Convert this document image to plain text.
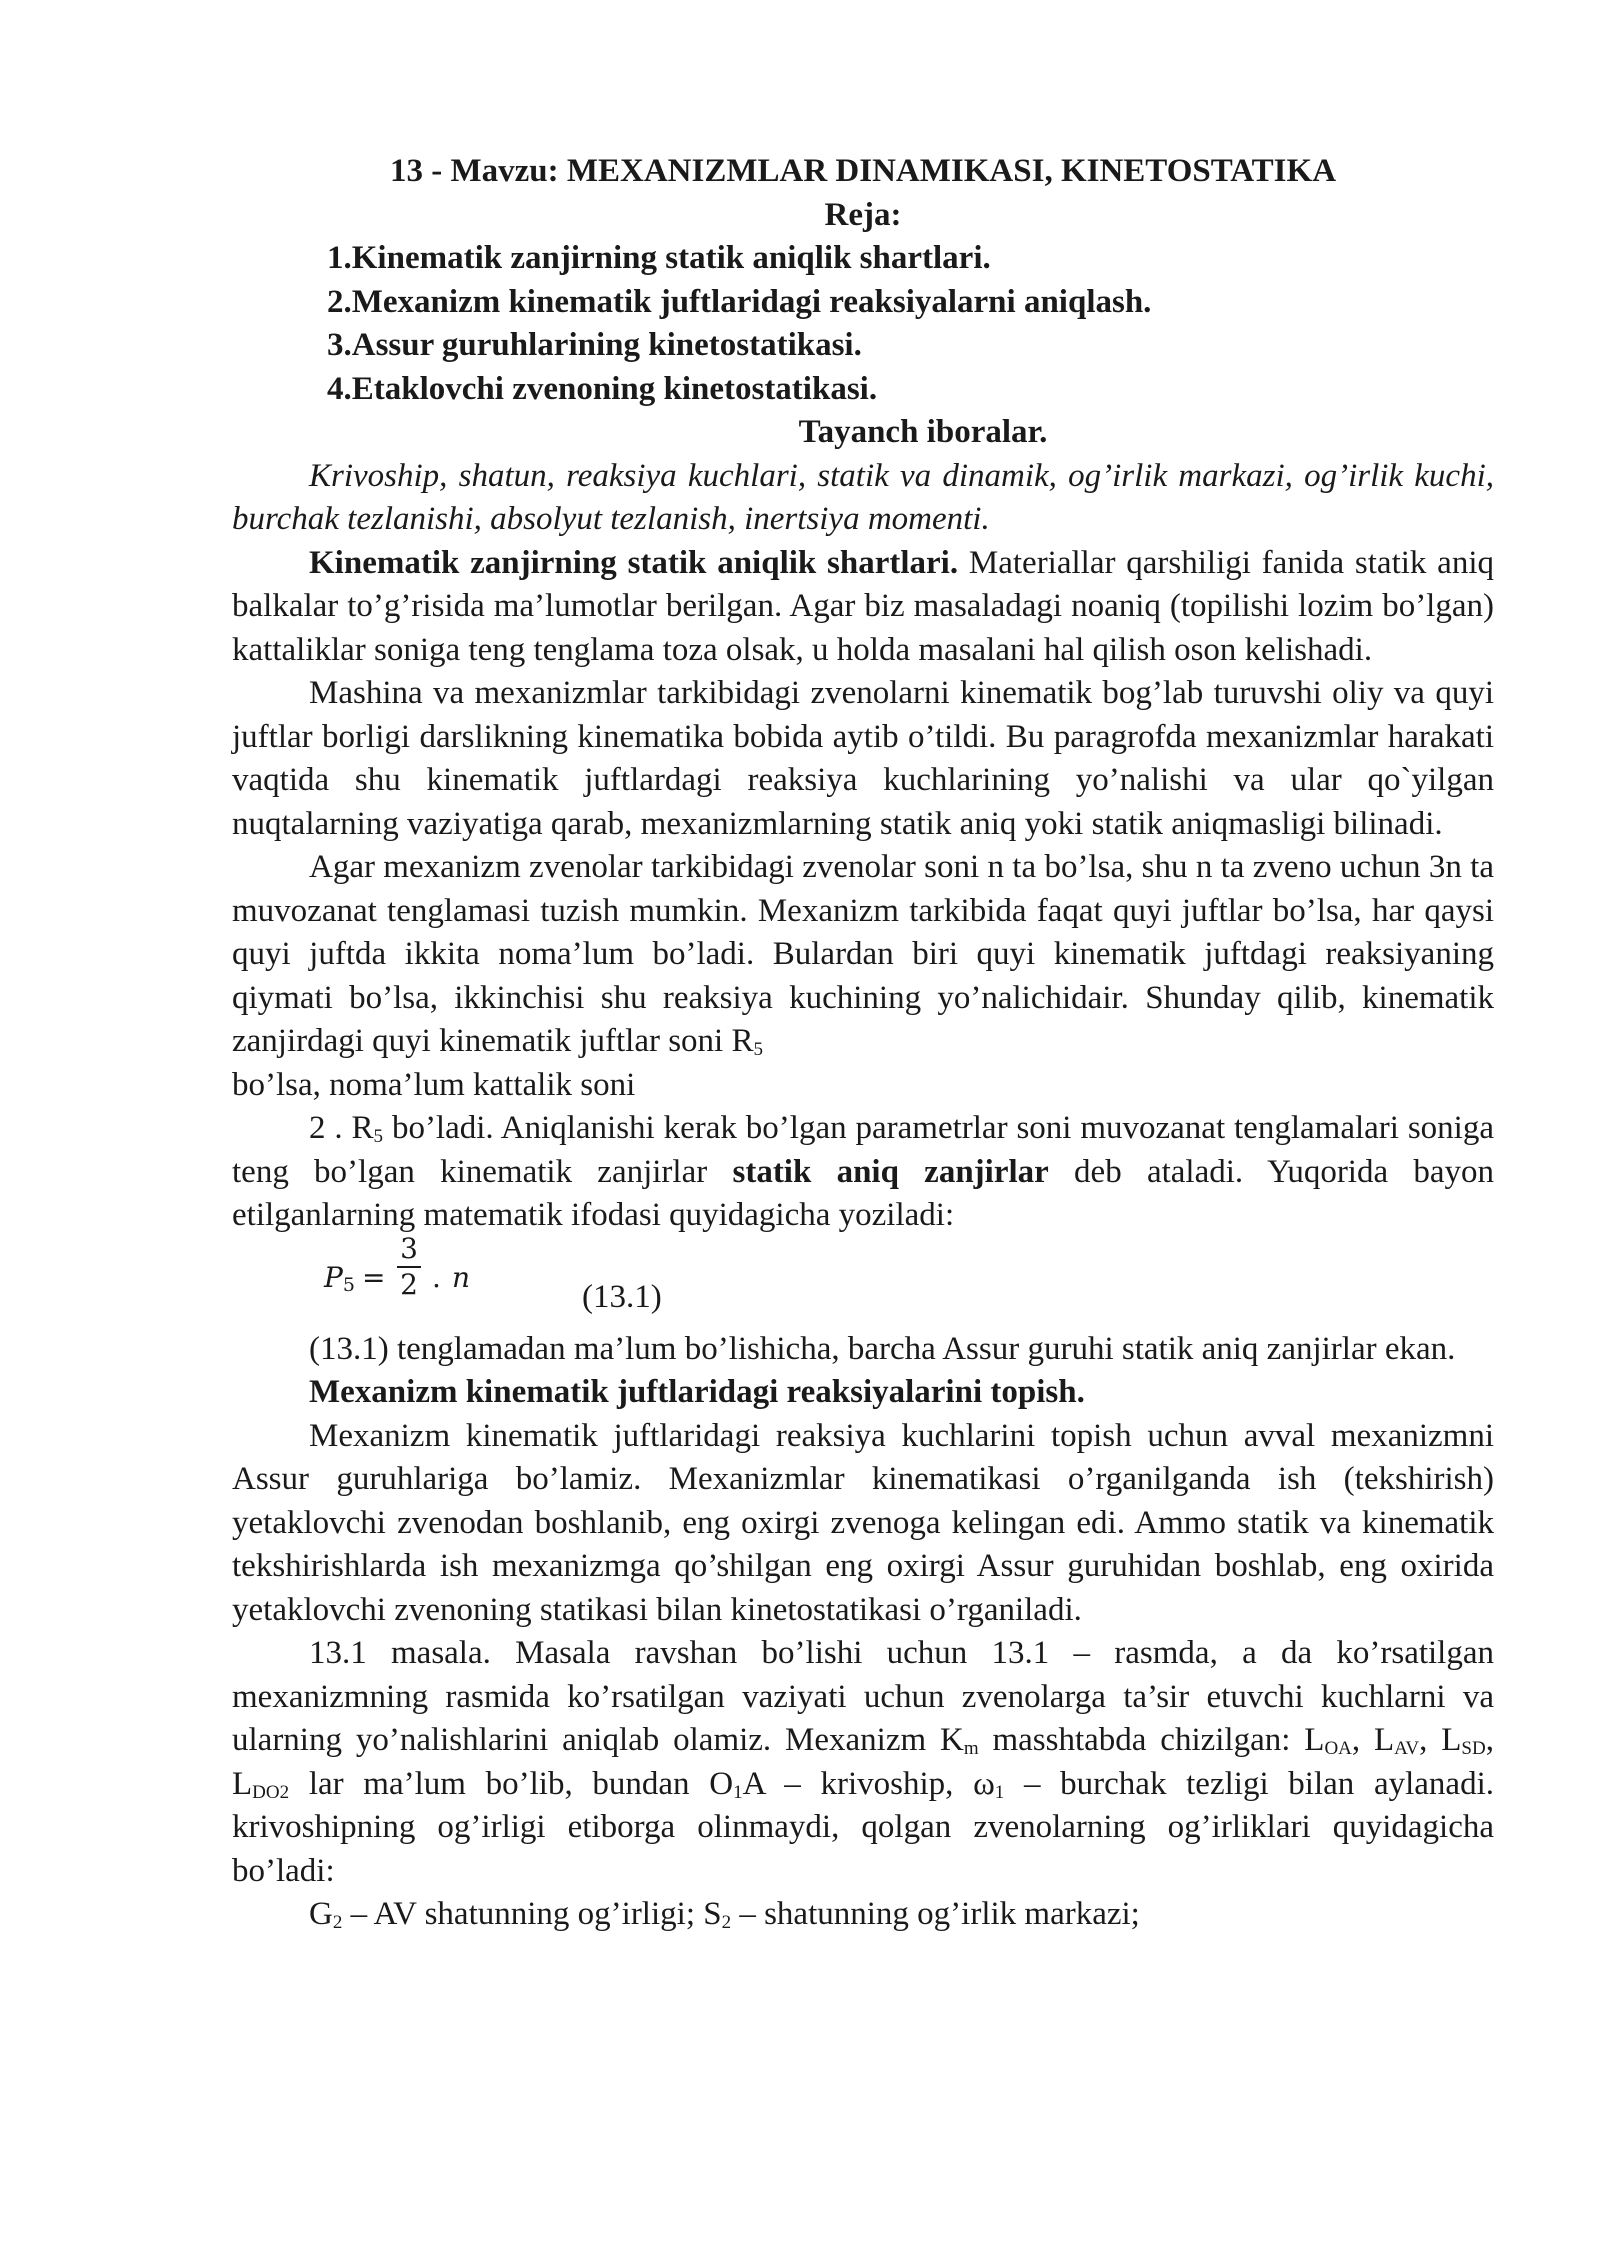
13 - Mavzu: MEXANIZMLAR DINAMIKASI, KINETOSTATIKA
Reja:
1.Kinematik zanjirning statik aniqlik shartlari.
2.Mexanizm kinematik juftlaridagi reaksiyalarni aniqlash.
3.Assur guruhlarining kinetostatikasi.
4.Etaklovchi zvenoning kinetostatikasi.
Tayanch iboralar.
Krivoship, shatun, reaksiya kuchlari, statik va dinamik, og’irlik markazi, og’irlik kuchi, burchak tezlanishi, absolyut tezlanish, inertsiya momenti.
Kinematik zanjirning statik aniqlik shartlari. Materiallar qarshiligi fanida statik aniq balkalar to’g’risida ma’lumotlar berilgan. Agar biz masaladagi noaniq (topilishi lozim bo’lgan) kattaliklar soniga teng tenglama toza olsak, u holda masalani hal qilish oson kelishadi.
Mashina va mexanizmlar tarkibidagi zvenolarni kinematik bog’lab turuvshi oliy va quyi juftlar borligi darslikning kinematika bobida aytib o’tildi. Bu paragrofda mexanizmlar harakati vaqtida shu kinematik juftlardagi reaksiya kuchlarining yo’nalishi va ular qo`yilgan nuqtalarning vaziyatiga qarab, mexanizmlarning statik aniq yoki statik aniqmasligi bilinadi.
Agar mexanizm zvenolar tarkibidagi zvenolar soni n ta bo’lsa, shu n ta zveno uchun 3n ta muvozanat tenglamasi tuzish mumkin. Mexanizm tarkibida faqat quyi juftlar bo’lsa, har qaysi quyi juftda ikkita noma’lum bo’ladi. Bulardan biri quyi kinematik juftdagi reaksiyaning qiymati bo’lsa, ikkinchisi shu reaksiya kuchining yo’nalichidair. Shunday qilib, kinematik zanjirdagi quyi kinematik juftlar soni $R_5$
bo’lsa, noma’lum kattalik soni
2 . $R_5$ bo’ladi. Aniqlanishi kerak bo’lgan parametrlar soni muvozanat tenglamalari soniga teng bo’lgan kinematik zanjirlar statik aniq zanjirlar deb ataladi. Yuqorida bayon etilganlarning matematik ifodasi quyidagicha yoziladi:
$P_5$ =
3
2 . n
(13.1)
(13.1) tenglamadan ma’lum bo’lishicha, barcha Assur guruhi statik aniq zanjirlar ekan.
Mexanizm kinematik juftlaridagi reaksiyalarini topish.
Mexanizm kinematik juftlaridagi reaksiya kuchlarini topish uchun avval mexanizmni Assur guruhlariga bo’lamiz. Mexanizmlar kinematikasi o’rganilganda ish (tekshirish) yetaklovchi zvenodan boshlanib, eng oxirgi zvenoga kelingan edi. Ammo statik va kinematik tekshirishlarda ish mexanizmga qo’shilgan eng oxirgi Assur guruhidan boshlab, eng oxirida yetaklovchi zvenoning statikasi bilan kinetostatikasi o’rganiladi.
13.1 masala. Masala ravshan bo’lishi uchun 13.1 – rasmda, a da ko’rsatilgan mexanizmning rasmida ko’rsatilgan vaziyati uchun zvenolarga ta’sir etuvchi kuchlarni va ularning yo’nalishlarini aniqlab olamiz. Mexanizm $K_m$ masshtabda chizilgan: $L_{OA}$, $L_{AV}$, $L_{SD}$, $L_{DO2}$ lar ma’lum bo’lib, bundan $O_1A$ – krivoship, $\omega_1$ – burchak tezligi bilan aylanadi. krivoshipning og’irligi etiborga olinmaydi, qolgan zvenolarning og’irliklari quyidagicha bo’ladi:
$G_2$ – AV shatunning og’irligi; $S_2$ – shatunning og’irlik markazi;
